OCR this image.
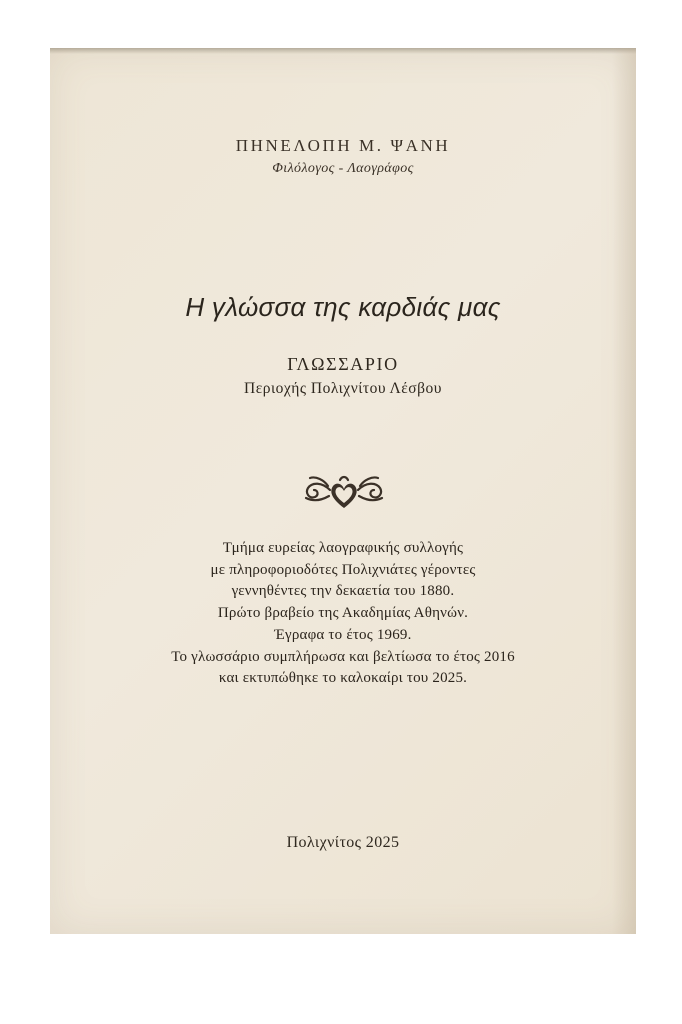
ΠΗΝΕΛΟΠΗ Μ. ΨΑΝΗ
Φιλόλογος - Λαογράφος
Η γλώσσα της καρδιάς μας
ΓΛΩΣΣΑΡΙΟ
Περιοχής Πολιχνίτου Λέσβου
Τμήμα ευρείας λαογραφικής συλλογής
με πληροφοριοδότες Πολιχνιάτες γέροντες
γεννηθέντες την δεκαετία του 1880.
Πρώτο βραβείο της Ακαδημίας Αθηνών.
Έγραφα το έτος 1969.
Το γλωσσάριο συμπλήρωσα και βελτίωσα το έτος 2016
και εκτυπώθηκε το καλοκαίρι του 2025.
Πολιχνίτος 2025
